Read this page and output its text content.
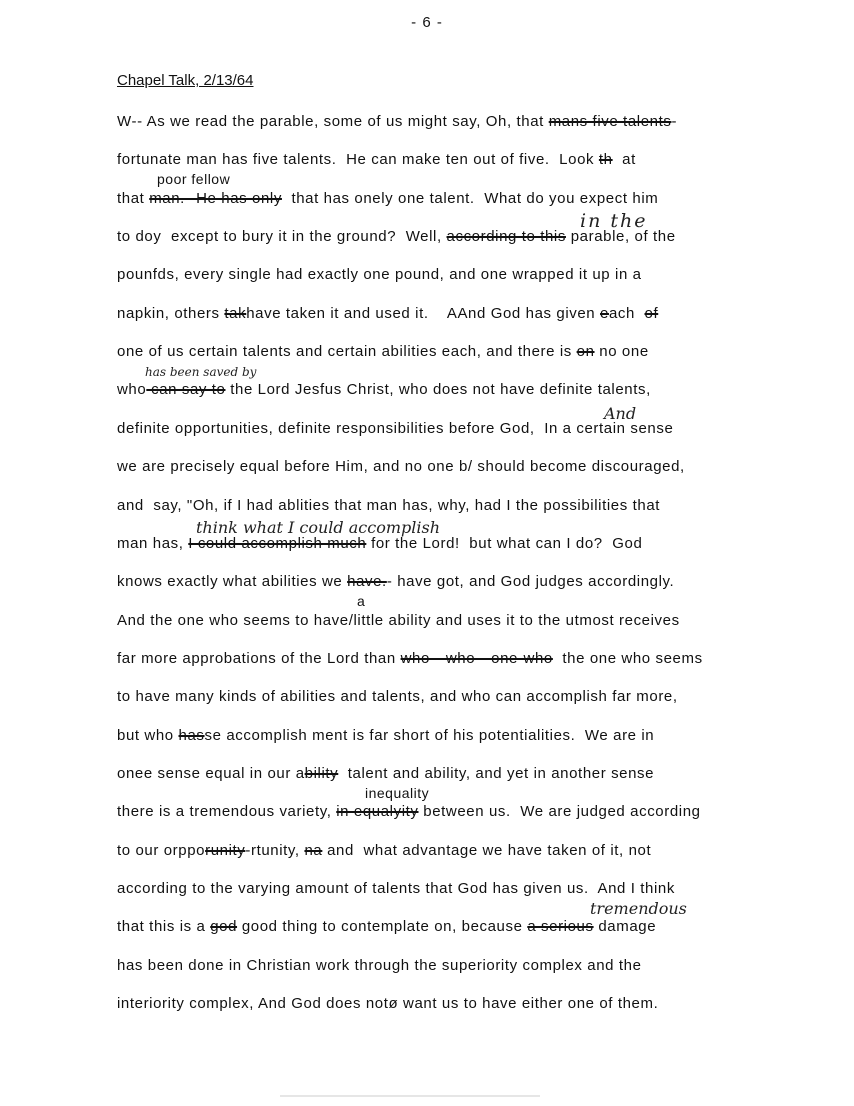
- 6 -
Chapel Talk, 2/13/64
W-- As we read the parable, some of us might say, Oh, that mans five talents-
fortunate man has five talents.  He can make ten out of five.  Look th  at
that man.--He has only  that has onely one talent.  What do you expect him
to doy  except to bury it in the ground?  Well, according to this parable, of the
pounfds, every single had exactly one pound, and one wrapped it up in a
napkin, others takhave taken it and used it.    AAnd God has given each  of
one of us certain talents and certain abilities each, and there is on no one
who can say to the Lord Jesfus Christ, who does not have definite talents,
definite opportunities, definite responsibilities before God,  In a certain sense
we are precisely equal before Him, and no one b/ should become discouraged,
and  say, "Oh, if I had ablities that man has, why, had I the possibilities that
man has, I could accomplish much for the Lord!  but what can I do?  God
knows exactly what abilities we have.- have got, and God judges accordingly.
And the one who seems to have/little ability and uses it to the utmost receives
far more approbations of the Lord than who-- who --one-who  the one who seems
to have many kinds of abilities and talents, and who can accomplish far more,
but who hasse accomplish ment is far short of his potentialities.  We are in
onee sense equal in our ability  talent and ability, and yet in another sense
there is a tremendous variety, in equalyity between us.  We are judged according
to our orpporunity-rtunity, na and  what advantage we have taken of it, not
according to the varying amount of talents that God has given us.  And I think
that this is a god good thing to contemplate on, because a serious damage
has been done in Christian work through the superiority complex and the
interiority complex, And God does notø want us to have either one of them.
poor fellow
in the
has been saved by
And
think what I could accomplish
a
inequality
tremendous
